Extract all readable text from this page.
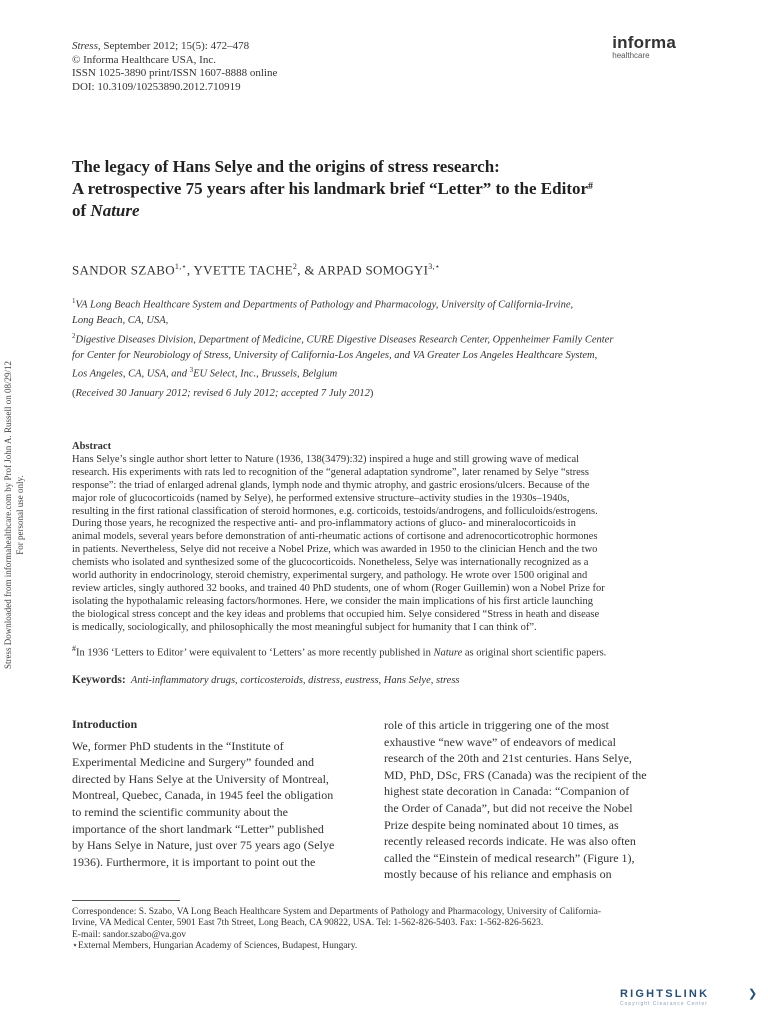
Stress, September 2012; 15(5): 472–478
© Informa Healthcare USA, Inc.
ISSN 1025-3890 print/ISSN 1607-8888 online
DOI: 10.3109/10253890.2012.710919
informa
healthcare
The legacy of Hans Selye and the origins of stress research:
A retrospective 75 years after his landmark brief “Letter” to the Editor#
of Nature
SANDOR $SZABO^{1,⋆}$, YVETTE TACHE$^2$, & ARPAD $SOMOGYI^{3,⋆}$
$^1$VA Long Beach Healthcare System and Departments of Pathology and Pharmacology, University of California-Irvine,
Long Beach, CA, USA,
$^2$Digestive Diseases Division, Department of Medicine, CURE Digestive Diseases Research Center, Oppenheimer Family Center
for Center for Neurobiology of Stress, University of California-Los Angeles, and VA Greater Los Angeles Healthcare System,
Los Angeles, CA, USA, and $^3$EU Select, Inc., Brussels, Belgium
(Received 30 January 2012; revised 6 July 2012; accepted 7 July 2012)
Abstract
Hans Selye’s single author short letter to Nature (1936, 138(3479):32) inspired a huge and still growing wave of medical
research. His experiments with rats led to recognition of the “general adaptation syndrome”, later renamed by Selye “stress
response”: the triad of enlarged adrenal glands, lymph node and thymic atrophy, and gastric erosions/ulcers. Because of the
major role of glucocorticoids (named by Selye), he performed extensive structure–activity studies in the 1930s–1940s,
resulting in the first rational classification of steroid hormones, e.g. corticoids, testoids/androgens, and folliculoids/estrogens.
During those years, he recognized the respective anti- and pro-inflammatory actions of gluco- and mineralocorticoids in
animal models, several years before demonstration of anti-rheumatic actions of cortisone and adrenocorticotrophic hormones
in patients. Nevertheless, Selye did not receive a Nobel Prize, which was awarded in 1950 to the clinician Hench and the two
chemists who isolated and synthesized some of the glucocorticoids. Nonetheless, Selye was internationally recognized as a
world authority in endocrinology, steroid chemistry, experimental surgery, and pathology. He wrote over 1500 original and
review articles, singly authored 32 books, and trained 40 PhD students, one of whom (Roger Guillemin) won a Nobel Prize for
isolating the hypothalamic releasing factors/hormones. Here, we consider the main implications of his first article launching
the biological stress concept and the key ideas and problems that occupied him. Selye considered “Stress in heath and disease
is medically, sociologically, and philosophically the most meaningful subject for humanity that I can think of”.
#In 1936 ‘Letters to Editor’ were equivalent to ‘Letters’ as more recently published in Nature as original short scientific papers.
Keywords: Anti-inflammatory drugs, corticosteroids, distress, eustress, Hans Selye, stress
Introduction
We, former PhD students in the “Institute of
Experimental Medicine and Surgery” founded and
directed by Hans Selye at the University of Montreal,
Montreal, Quebec, Canada, in 1945 feel the obligation
to remind the scientific community about the
importance of the short landmark “Letter” published
by Hans Selye in Nature, just over 75 years ago (Selye
1936). Furthermore, it is important to point out the
role of this article in triggering one of the most
exhaustive “new wave” of endeavors of medical
research of the 20th and 21st centuries. Hans Selye,
MD, PhD, DSc, FRS (Canada) was the recipient of the
highest state decoration in Canada: “Companion of
the Order of Canada”, but did not receive the Nobel
Prize despite being nominated about 10 times, as
recently released records indicate. He was also often
called the “Einstein of medical research” (Figure 1),
mostly because of his reliance and emphasis on
Correspondence: S. Szabo, VA Long Beach Healthcare System and Departments of Pathology and Pharmacology, University of California-
Irvine, VA Medical Center, 5901 East 7th Street, Long Beach, CA 90822, USA. Tel: 1-562-826-5403. Fax: 1-562-826-5623.
E-mail: sandor.szabo@va.gov
⋆External Members, Hungarian Academy of Sciences, Budapest, Hungary.
Stress Downloaded from informahealthcare.com by Prof John A. Russell on 08/29/12 For personal use only.
RIGHTSLINK
Copyright Clearance Center
❯
